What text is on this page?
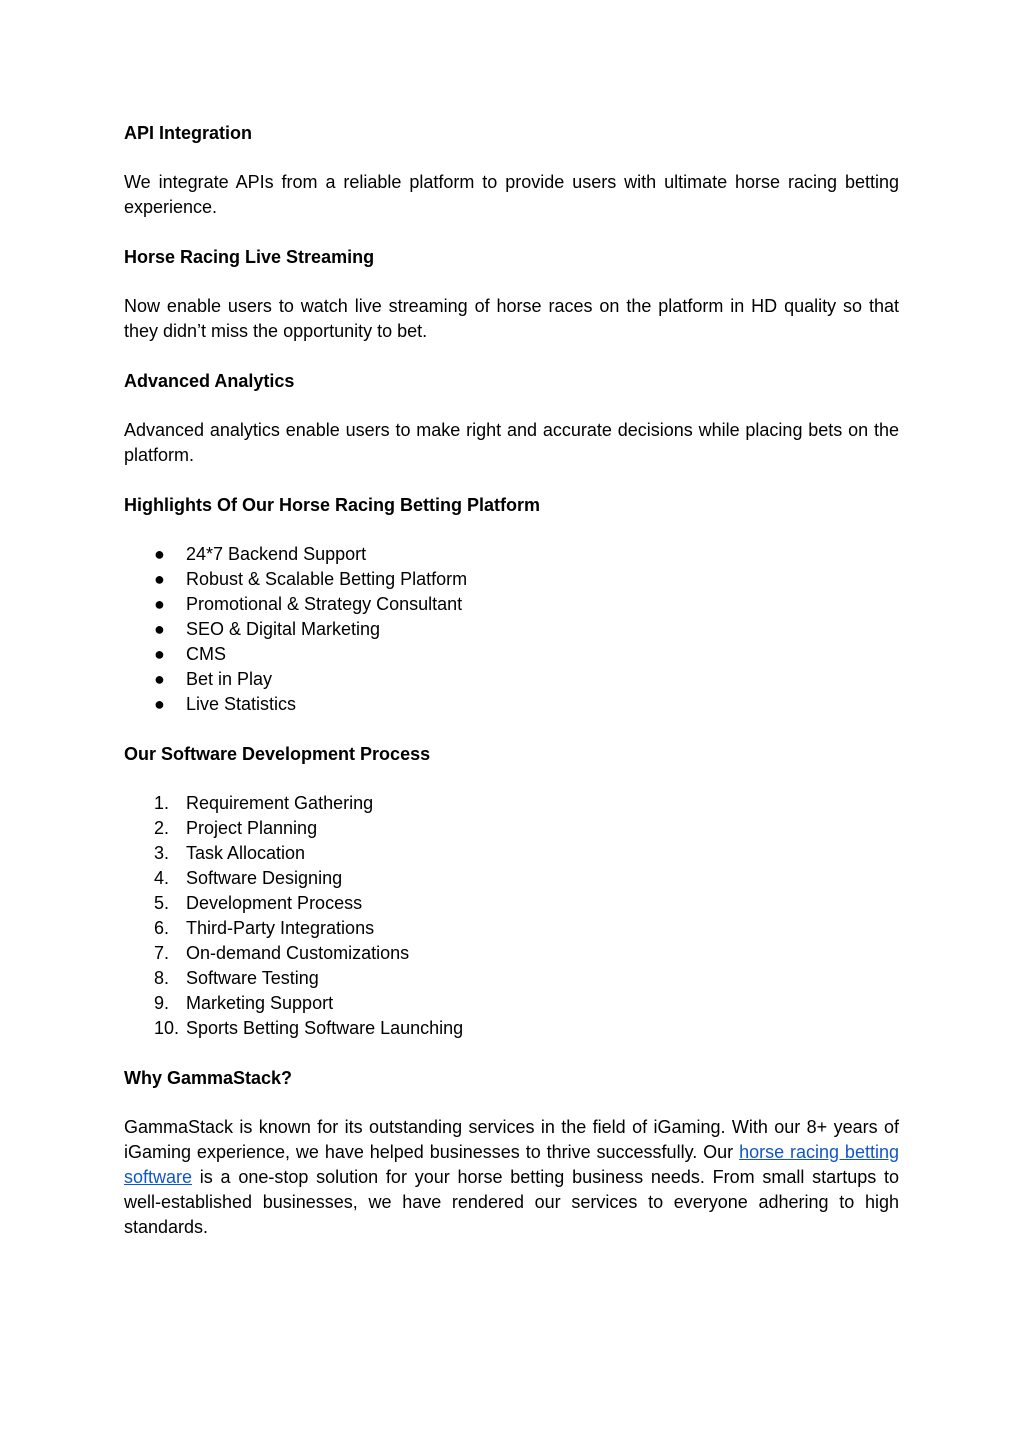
API Integration

We integrate APIs from a reliable platform to provide users with ultimate horse racing betting experience.

Horse Racing Live Streaming

Now enable users to watch live streaming of horse races on the platform in HD quality so that they didn’t miss the opportunity to bet.

Advanced Analytics

Advanced analytics enable users to make right and accurate decisions while placing bets on the platform.

Highlights Of Our Horse Racing Betting Platform

● 24*7 Backend Support
● Robust & Scalable Betting Platform
● Promotional & Strategy Consultant
● SEO & Digital Marketing
● CMS
● Bet in Play
● Live Statistics

Our Software Development Process

1. Requirement Gathering
2. Project Planning
3. Task Allocation
4. Software Designing
5. Development Process
6. Third-Party Integrations
7. On-demand Customizations
8. Software Testing
9. Marketing Support
10. Sports Betting Software Launching

Why GammaStack?

GammaStack is known for its outstanding services in the field of iGaming. With our 8+ years of iGaming experience, we have helped businesses to thrive successfully. Our horse racing betting software is a one-stop solution for your horse betting business needs. From small startups to well-established businesses, we have rendered our services to everyone adhering to high standards.
